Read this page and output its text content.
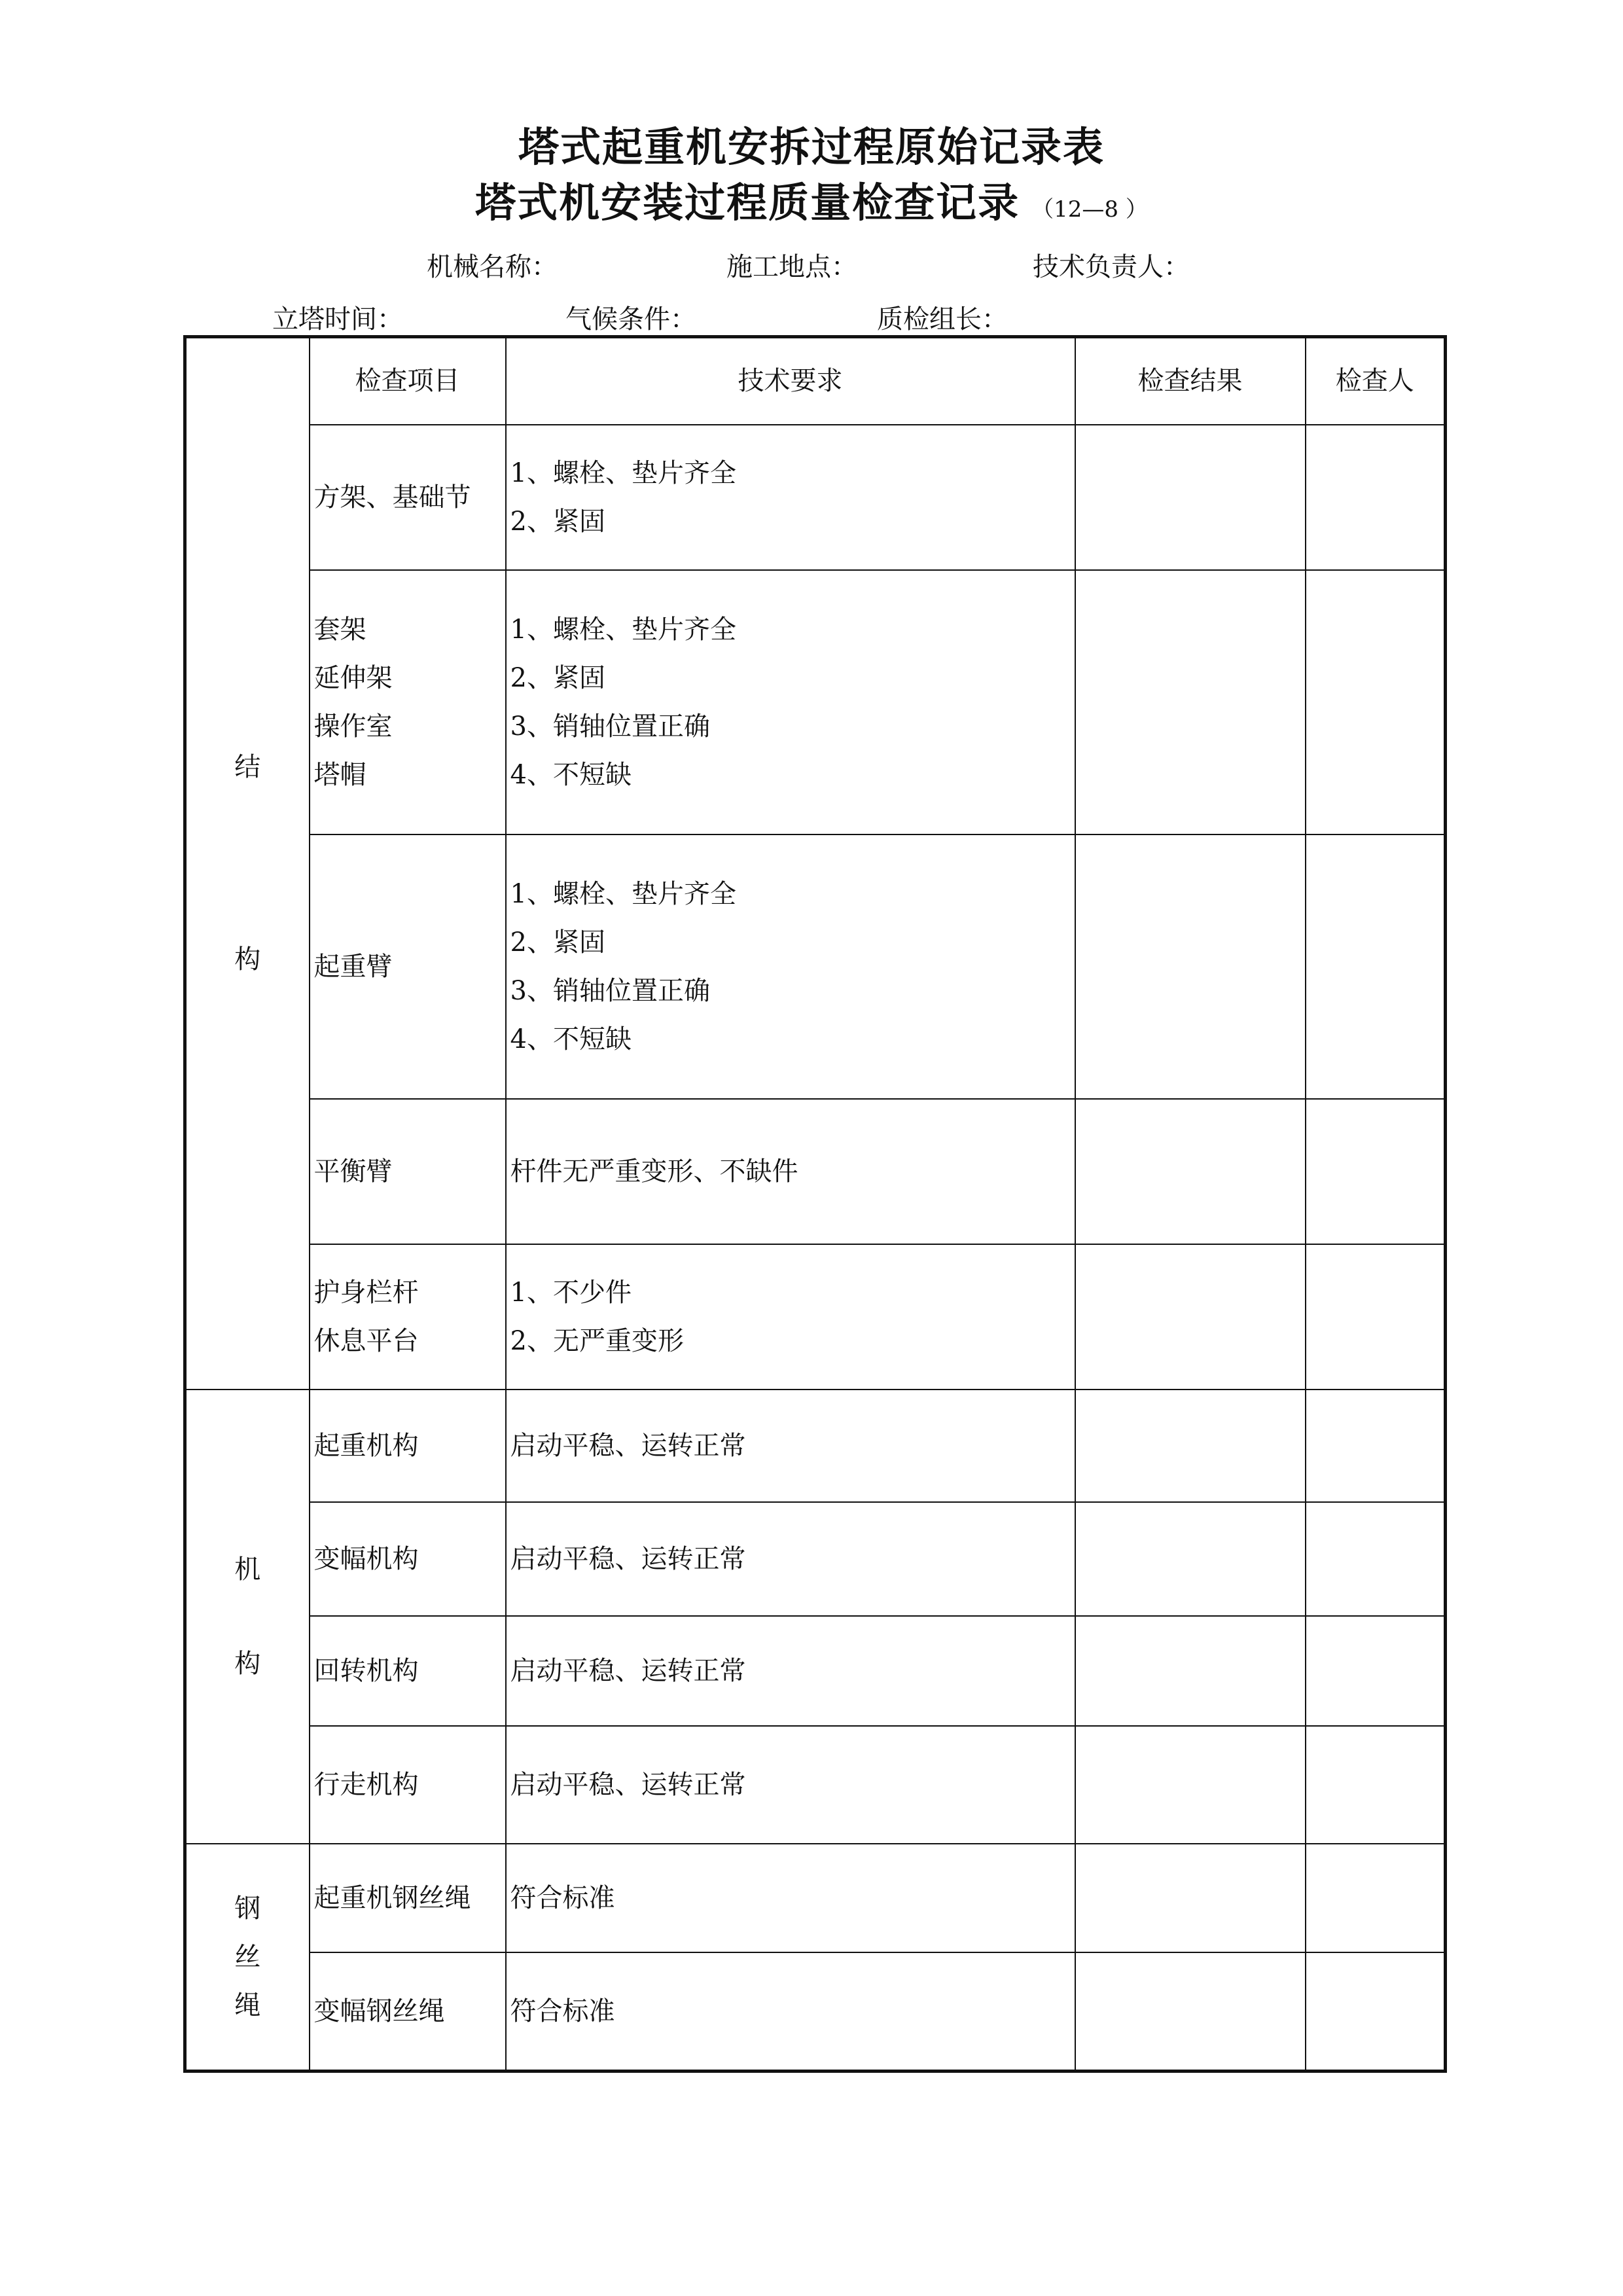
塔式起重机安拆过程原始记录表
塔式机安装过程质量检查记录 （12—8 ）
机械名称：	施工地点：	技术负责人：
立塔时间：	气候条件：	质检组长：
结
构	检查项目	技术要求	检查结果	检查人

	方架、基础节	1、螺栓、垫片齐全
2、紧固		

	套架
延伸架
操作室
塔帽	1、螺栓、垫片齐全
2、紧固
3、销轴位置正确
4、不短缺		

	起重臂	1、螺栓、垫片齐全
2、紧固
3、销轴位置正确
4、不短缺		

	平衡臂	杆件无严重变形、不缺件		

	护身栏杆
休息平台	1、不少件
2、无严重变形		

机
构	起重机构	启动平稳、运转正常		

	变幅机构	启动平稳、运转正常		

	回转机构	启动平稳、运转正常		

	行走机构	启动平稳、运转正常		

钢
丝
绳	起重机钢丝绳	符合标准		

	变幅钢丝绳	符合标准		
